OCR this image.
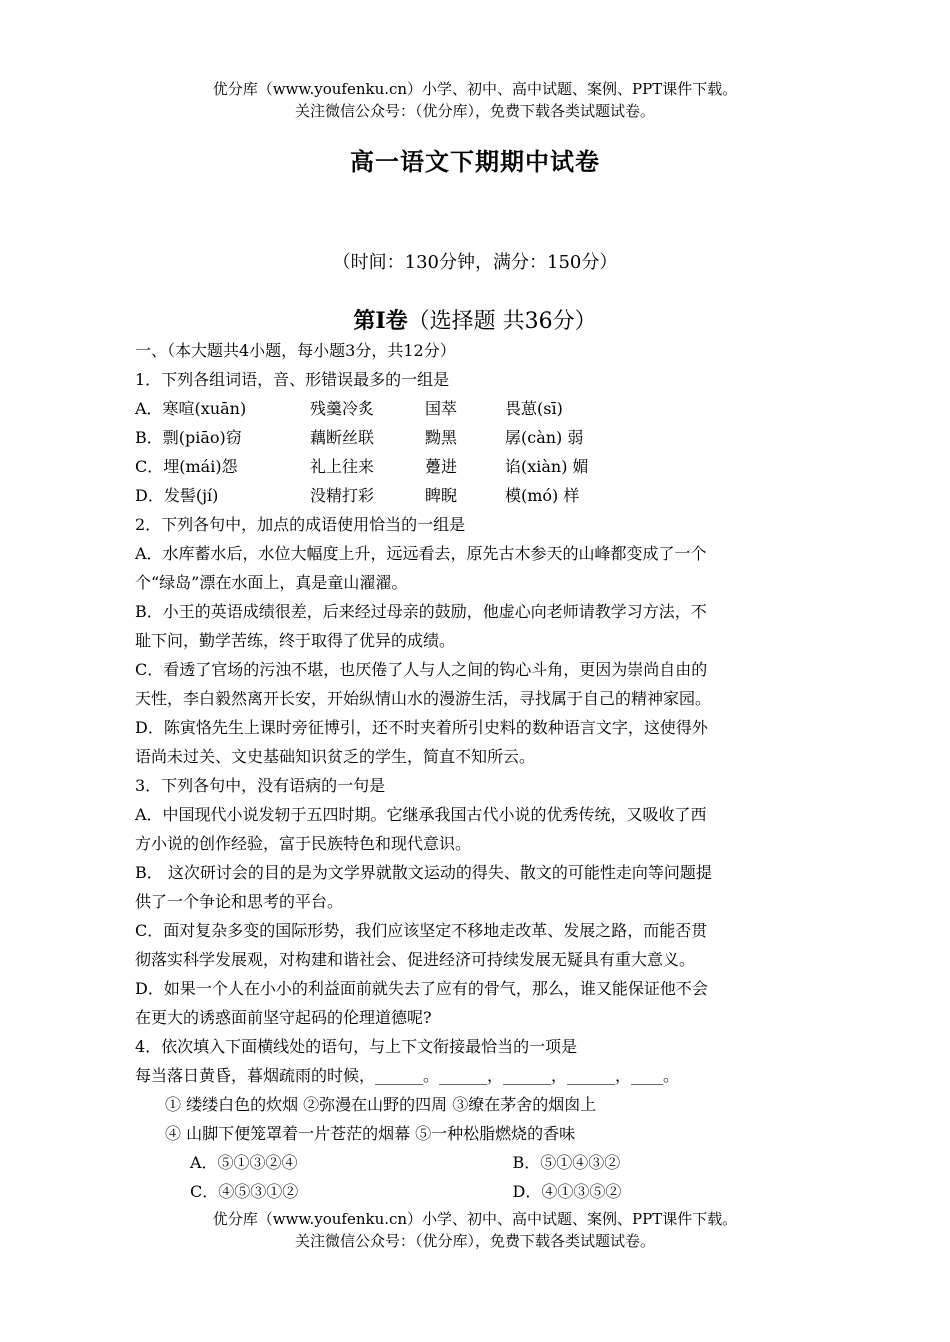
优分库（www.youfenku.cn）小学、初中、高中试题、案例、PPT课件下载。
关注微信公众号：（优分库），免费下载各类试题试卷。
高一语文下期期中试卷
（时间：130分钟，满分：150分）
第Ⅰ卷（选择题 共36分）
一、（本大题共4小题，每小题3分，共12分）
1．下列各组词语，音、形错误最多的一组是
A．寒喧(xuān)	残羹冷炙	国萃	畏葸(sī)
B．剽(piāo)窃	藕断丝联	黝黑	孱(càn) 弱
C．埋(mái)怨	礼上往来	躉进	谄(xiàn) 媚
D．发髻(jí)	没精打彩	睥睨	模(mó) 样
2．下列各句中，加点的成语使用恰当的一组是
A．水库蓄水后，水位大幅度上升，远远看去，原先古木参天的山峰都变成了一个
个“绿岛”漂在水面上，真是童山濯濯。
B．小王的英语成绩很差，后来经过母亲的鼓励，他虚心向老师请教学习方法，不
耻下问，勤学苦练，终于取得了优异的成绩。
C．看透了官场的污浊不堪，也厌倦了人与人之间的钩心斗角，更因为崇尚自由的
天性，李白毅然离开长安，开始纵情山水的漫游生活，寻找属于自己的精神家园。
D．陈寅恪先生上课时旁征博引，还不时夹着所引史料的数种语言文字，这使得外
语尚未过关、文史基础知识贫乏的学生，简直不知所云。
3．下列各句中，没有语病的一句是
A．中国现代小说发轫于五四时期。它继承我国古代小说的优秀传统，又吸收了西
方小说的创作经验，富于民族特色和现代意识。
B． 这次研讨会的目的是为文学界就散文运动的得失、散文的可能性走向等问题提
供了一个争论和思考的平台。
C．面对复杂多变的国际形势，我们应该坚定不移地走改革、发展之路，而能否贯
彻落实科学发展观，对构建和谐社会、促进经济可持续发展无疑具有重大意义。
D．如果一个人在小小的利益面前就失去了应有的骨气，那么，谁又能保证他不会
在更大的诱惑面前坚守起码的伦理道德呢?
4．依次填入下面横线处的语句，与上下文衔接最恰当的一项是
每当落日黄昏，暮烟疏雨的时候，______。______，______，______，____。
① 缕缕白色的炊烟 ②弥漫在山野的四周 ③缭在茅舍的烟囱上
④ 山脚下便笼罩着一片苍茫的烟幕 ⑤一种松脂燃烧的香味
A．⑤①③②④	B．⑤①④③②
C．④⑤③①②	D．④①③⑤②
优分库（www.youfenku.cn）小学、初中、高中试题、案例、PPT课件下载。
关注微信公众号：（优分库），免费下载各类试题试卷。
